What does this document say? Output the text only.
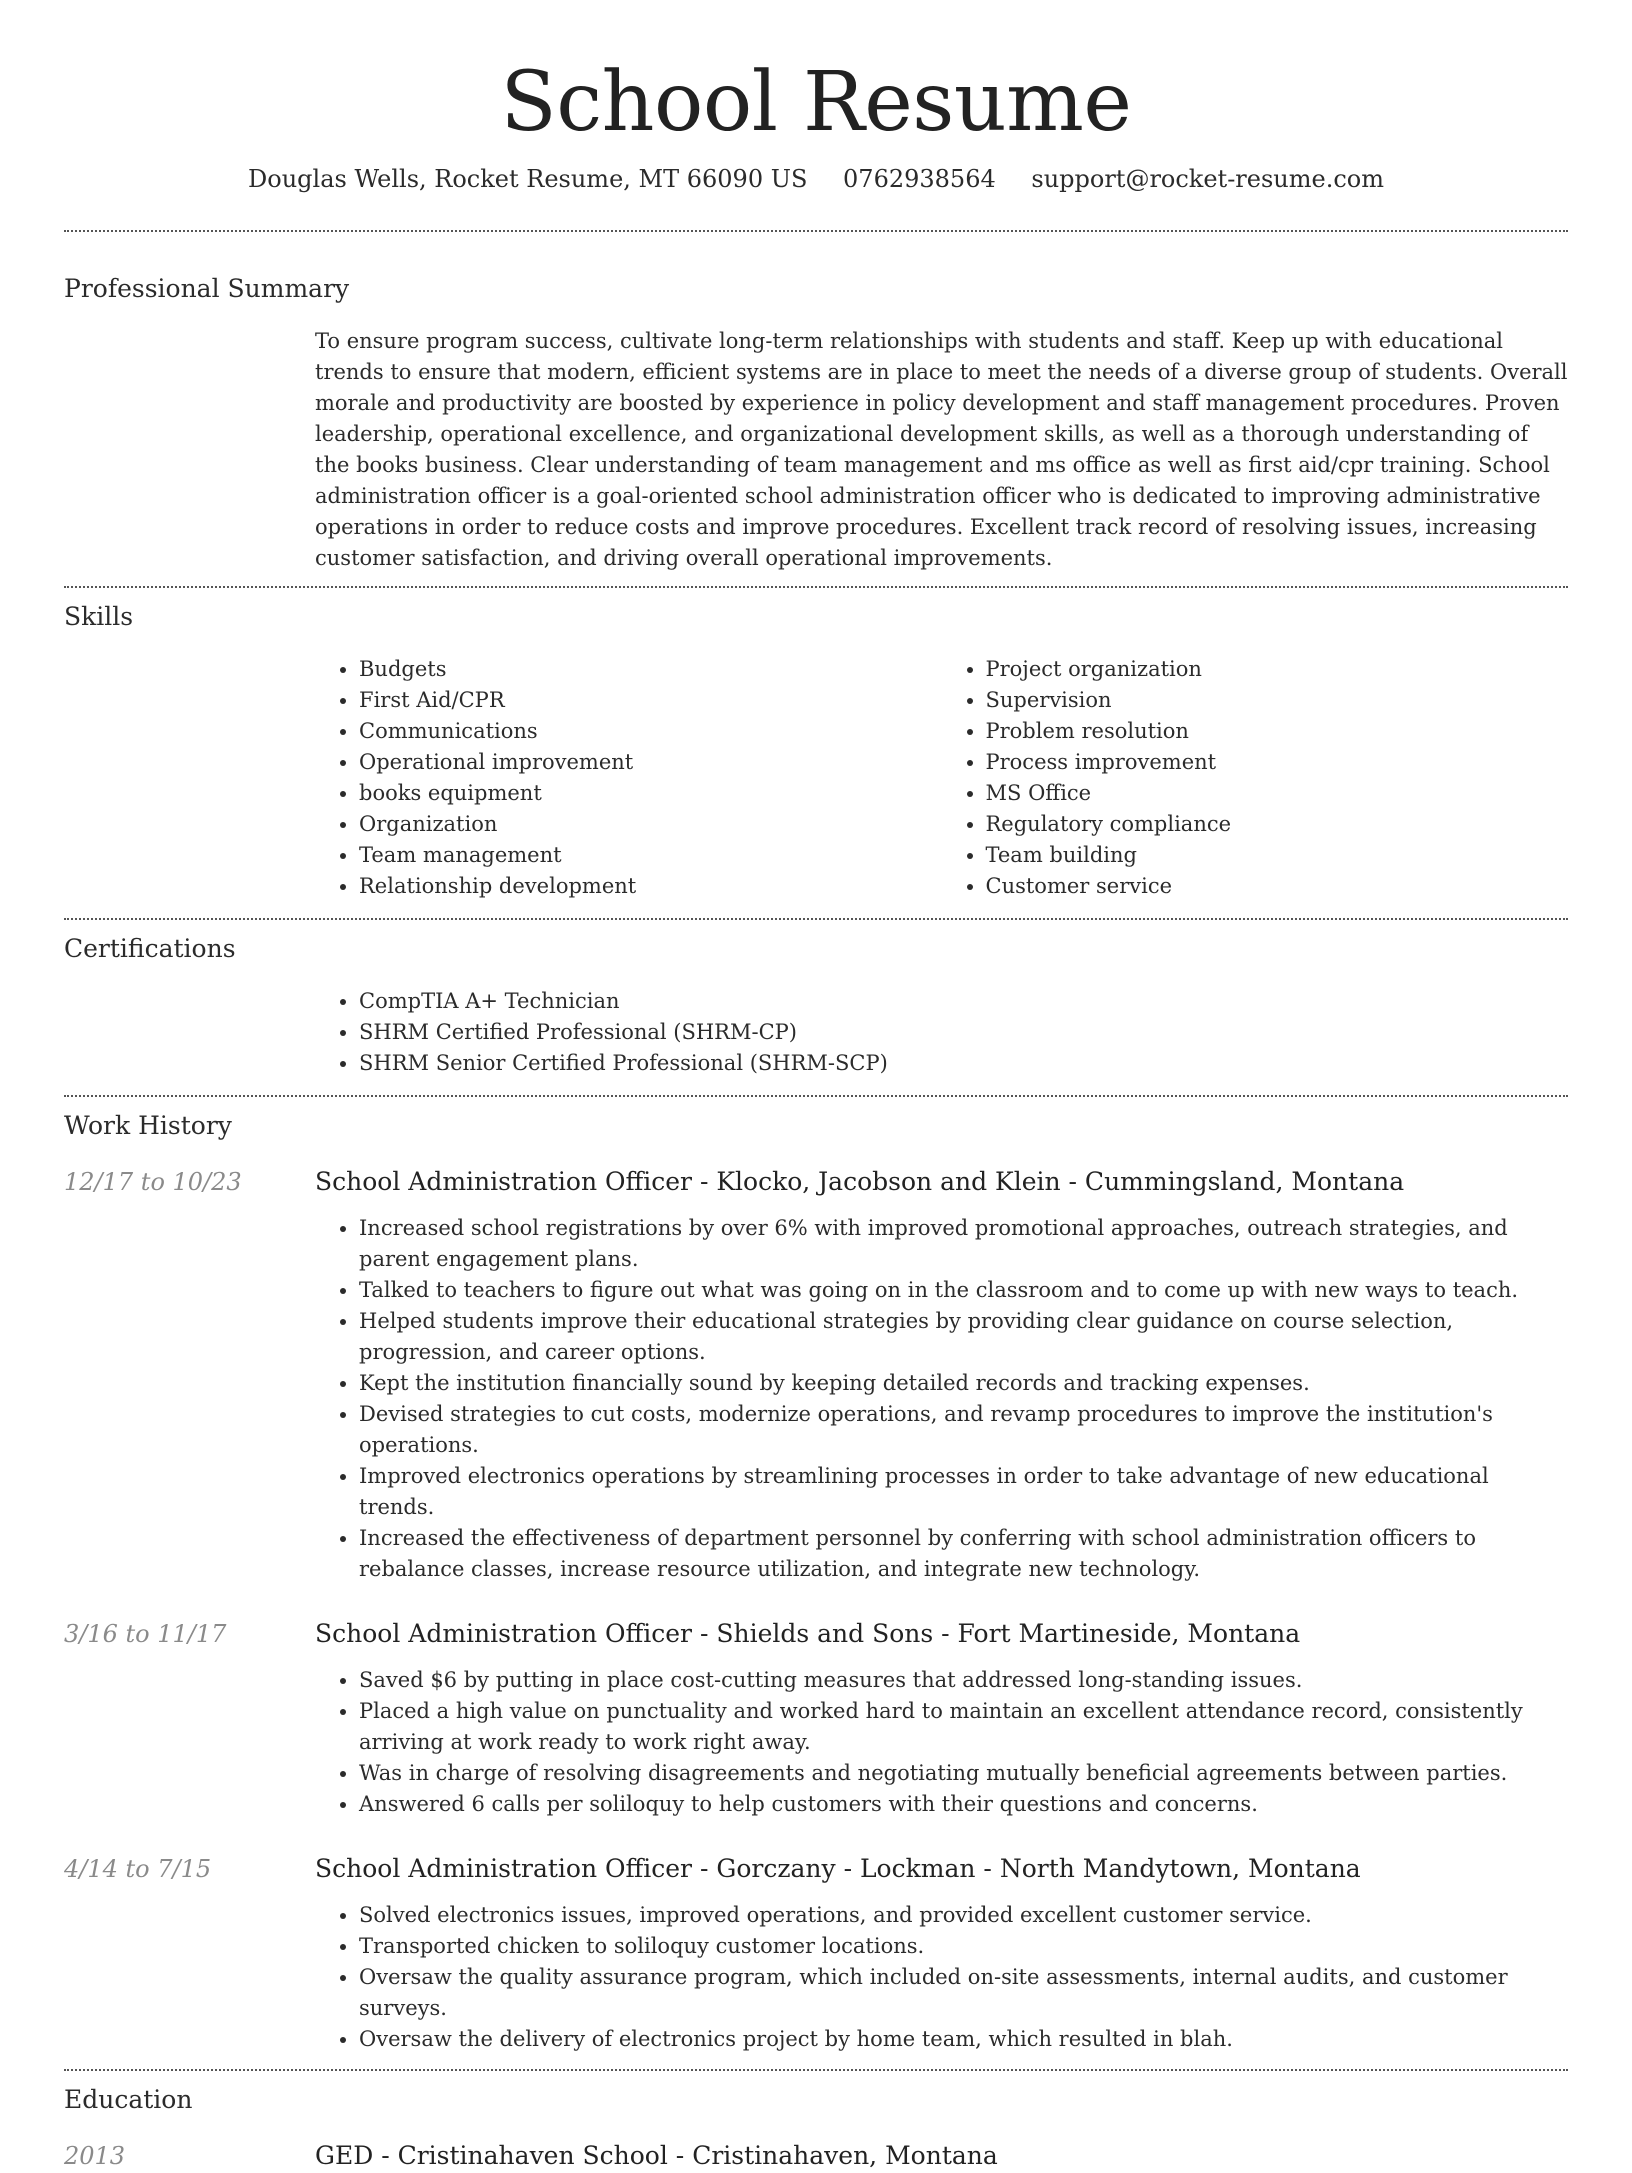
School Resume
Douglas Wells, Rocket Resume, MT 66090 US 0762938564 support@rocket-resume.com
Professional Summary
To ensure program success, cultivate long-term relationships with students and staff. Keep up with educational trends to ensure that modern, efficient systems are in place to meet the needs of a diverse group of students. Overall morale and productivity are boosted by experience in policy development and staff management procedures. Proven leadership, operational excellence, and organizational development skills, as well as a thorough understanding of the books business. Clear understanding of team management and ms office as well as first aid/cpr training. School administration officer is a goal-oriented school administration officer who is dedicated to improving administrative operations in order to reduce costs and improve procedures. Excellent track record of resolving issues, increasing customer satisfaction, and driving overall operational improvements.
Skills
• Budgets
• First Aid/CPR
• Communications
• Operational improvement
• books equipment
• Organization
• Team management
• Relationship development
• Project organization
• Supervision
• Problem resolution
• Process improvement
• MS Office
• Regulatory compliance
• Team building
• Customer service
Certifications
• CompTIA A+ Technician
• SHRM Certified Professional (SHRM-CP)
• SHRM Senior Certified Professional (SHRM-SCP)
Work History
12/17 to 10/23	School Administration Officer - Klocko, Jacobson and Klein - Cummingsland, Montana
• Increased school registrations by over 6% with improved promotional approaches, outreach strategies, and parent engagement plans.
• Talked to teachers to figure out what was going on in the classroom and to come up with new ways to teach.
• Helped students improve their educational strategies by providing clear guidance on course selection, progression, and career options.
• Kept the institution financially sound by keeping detailed records and tracking expenses.
• Devised strategies to cut costs, modernize operations, and revamp procedures to improve the institution's operations.
• Improved electronics operations by streamlining processes in order to take advantage of new educational trends.
• Increased the effectiveness of department personnel by conferring with school administration officers to rebalance classes, increase resource utilization, and integrate new technology.
3/16 to 11/17	School Administration Officer - Shields and Sons - Fort Martineside, Montana
• Saved $6 by putting in place cost-cutting measures that addressed long-standing issues.
• Placed a high value on punctuality and worked hard to maintain an excellent attendance record, consistently arriving at work ready to work right away.
• Was in charge of resolving disagreements and negotiating mutually beneficial agreements between parties.
• Answered 6 calls per soliloquy to help customers with their questions and concerns.
4/14 to 7/15	School Administration Officer - Gorczany - Lockman - North Mandytown, Montana
• Solved electronics issues, improved operations, and provided excellent customer service.
• Transported chicken to soliloquy customer locations.
• Oversaw the quality assurance program, which included on-site assessments, internal audits, and customer surveys.
• Oversaw the delivery of electronics project by home team, which resulted in blah.
Education
2013	GED - Cristinahaven School - Cristinahaven, Montana
